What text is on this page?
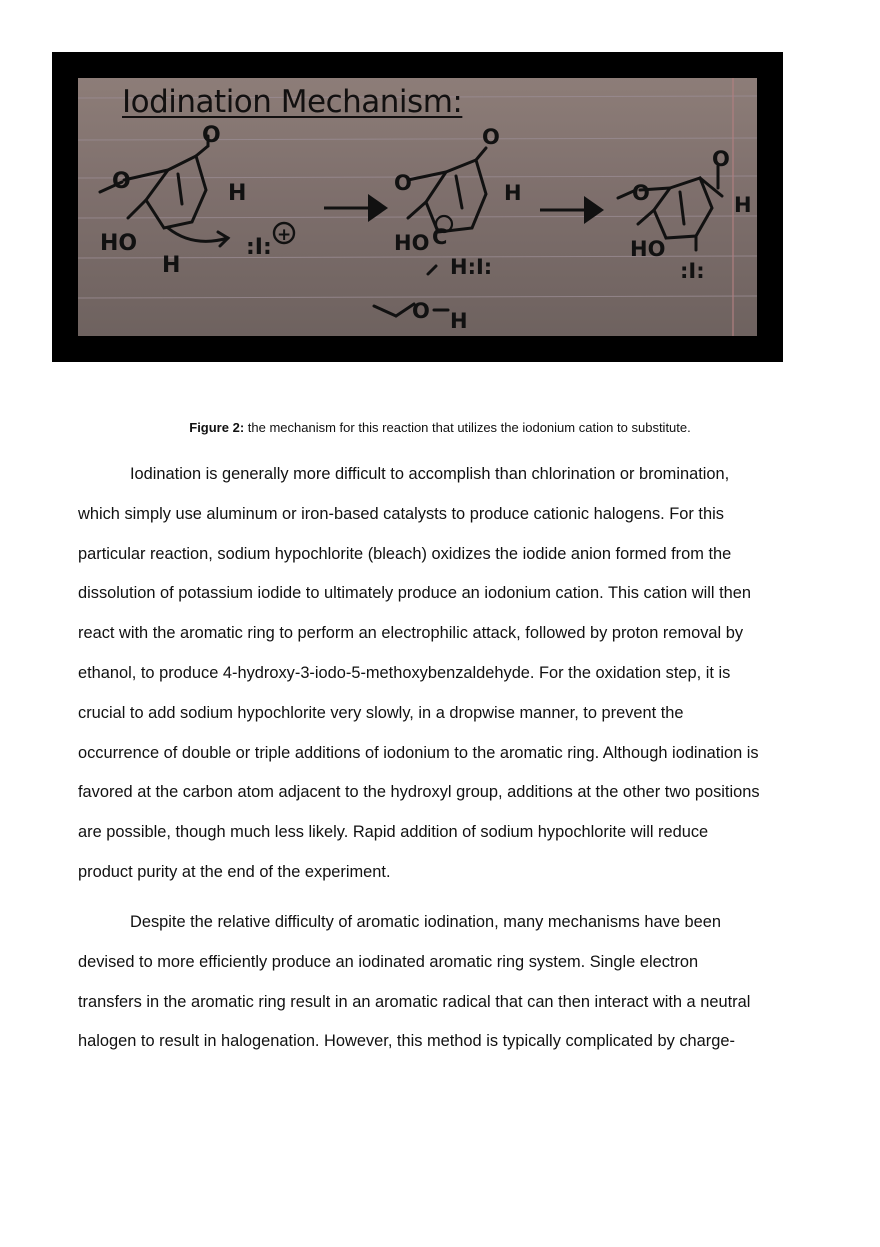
O
HO
H
O
H
:I: +
O
HO
O
H
C
H:I:
O H
O
HO
O
H
:I:
Iodination Mechanism:
Figure 2: the mechanism for this reaction that utilizes the iodonium cation to substitute.
Iodination is generally more difficult to accomplish than chlorination or bromination,
which simply use aluminum or iron-based catalysts to produce cationic halogens. For this
particular reaction, sodium hypochlorite (bleach) oxidizes the iodide anion formed from the
dissolution of potassium iodide to ultimately produce an iodonium cation. This cation will then
react with the aromatic ring to perform an electrophilic attack, followed by proton removal by
ethanol, to produce 4-hydroxy-3-iodo-5-methoxybenzaldehyde. For the oxidation step, it is
crucial to add sodium hypochlorite very slowly, in a dropwise manner, to prevent the
occurrence of double or triple additions of iodonium to the aromatic ring. Although iodination is
favored at the carbon atom adjacent to the hydroxyl group, additions at the other two positions
are possible, though much less likely. Rapid addition of sodium hypochlorite will reduce
product purity at the end of the experiment.
Despite the relative difficulty of aromatic iodination, many mechanisms have been
devised to more efficiently produce an iodinated aromatic ring system. Single electron
transfers in the aromatic ring result in an aromatic radical that can then interact with a neutral
halogen to result in halogenation. However, this method is typically complicated by charge-
